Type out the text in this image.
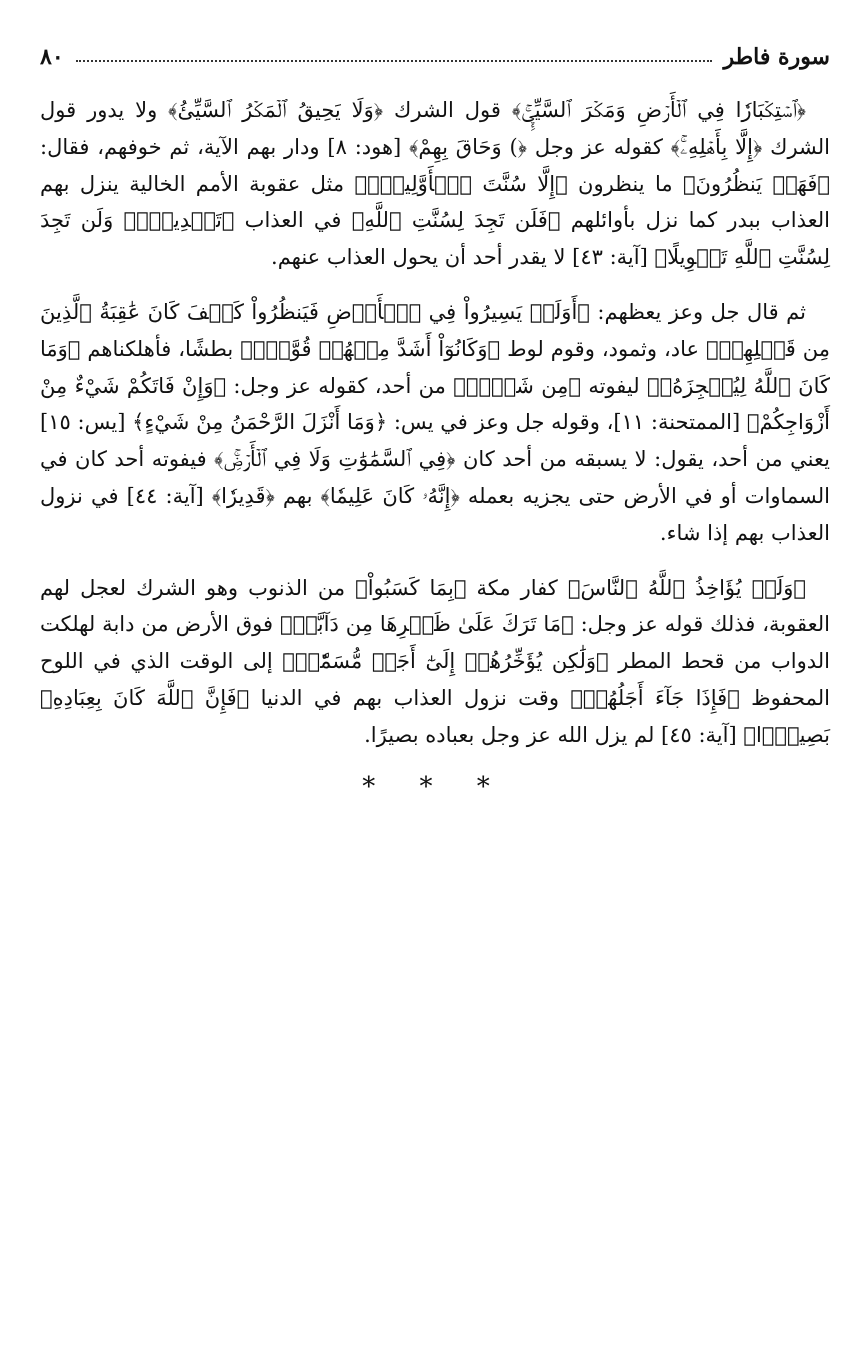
سورة فاطر
٨٠

﴿ٱسۡتِكۡبَارٗا فِي ٱلۡأَرۡضِ وَمَكۡرَ ٱلسَّيِّيِٕۚ﴾ قول الشرك ﴿وَلَا يَحِيقُ ٱلۡمَكۡرُ ٱلسَّيِّئُ﴾ ولا يدور قول الشرك ﴿إِلَّا بِأَهۡلِهِۦۚ﴾ كقوله عز وجل ﴿) وَحَاقَ بِهِمْ﴾ [هود: ٨] ودار بهم الآية، ثم خوفهم، فقال: ﴿فَهَلۡ يَنظُرُونَ﴾ ما ينظرون ﴿إِلَّا سُنَّتَ ٱلۡأَوَّلِينَۚ﴾ مثل عقوبة الأمم الخالية ينزل بهم العذاب ببدر كما نزل بأوائلهم ﴿فَلَن تَجِدَ لِسُنَّتِ ٱللَّهِ﴾ في العذاب ﴿تَبۡدِيلٗاۖ وَلَن تَجِدَ لِسُنَّتِ ٱللَّهِ تَحۡوِيلًا﴾ [آية: ٤٣] لا يقدر أحد أن يحول العذاب عنهم.

ثم قال جل وعز يعظهم: ﴿أَوَلَمۡ يَسِيرُواْ فِي ٱلۡأَرۡضِ فَيَنظُرُواْ كَيۡفَ كَانَ عَٰقِبَةُ ٱلَّذِينَ مِن قَبۡلِهِمۡ﴾ عاد، وثمود، وقوم لوط ﴿وَكَانُوٓاْ أَشَدَّ مِنۡهُمۡ قُوَّةٗۚ﴾ بطشًا، فأهلكناهم ﴿وَمَا كَانَ ٱللَّهُ لِيُعۡجِزَهُۥ﴾ ليفوته ﴿مِن شَيۡءٖ﴾ من أحد، كقوله عز وجل: ﴿وَإِنْ فَاتَكُمْ شَيْءٌ مِنْ أَزْوَاجِكُمْ﴾ [الممتحنة: ١١]، وقوله جل وعز في يس: ﴿وَمَا أَنْزَلَ الرَّحْمَنُ مِنْ شَيْءٍ﴾ [يس: ١٥] يعني من أحد، يقول: لا يسبقه من أحد كان ﴿فِي ٱلسَّمَٰوَٰتِ وَلَا فِي ٱلۡأَرۡضِۚ﴾ فيفوته أحد كان في السماوات أو في الأرض حتى يجزيه بعمله ﴿إِنَّهُۥ كَانَ عَلِيمٗا﴾ بهم ﴿قَدِيرٗا﴾ [آية: ٤٤] في نزول العذاب بهم إذا شاء.

﴿وَلَوۡ يُؤَاخِذُ ٱللَّهُ ٱلنَّاسَ﴾ كفار مكة ﴿بِمَا كَسَبُواْ﴾ من الذنوب وهو الشرك لعجل لهم العقوبة، فذلك قوله عز وجل: ﴿مَا تَرَكَ عَلَىٰ ظَهۡرِهَا مِن دَآبَّةٖ﴾ فوق الأرض من دابة لهلكت الدواب من قحط المطر ﴿وَلَٰكِن يُؤَخِّرُهُمۡ إِلَىٰٓ أَجَلٖ مُّسَمّٗىۖ﴾ إلى الوقت الذي في اللوح المحفوظ ﴿فَإِذَا جَآءَ أَجَلُهُمۡ﴾ وقت نزول العذاب بهم في الدنيا ﴿فَإِنَّ ٱللَّهَ كَانَ بِعِبَادِهِۦ بَصِيرَۢا﴾ [آية: ٤٥] لم يزل الله عز وجل بعباده بصيرًا.

* * *
